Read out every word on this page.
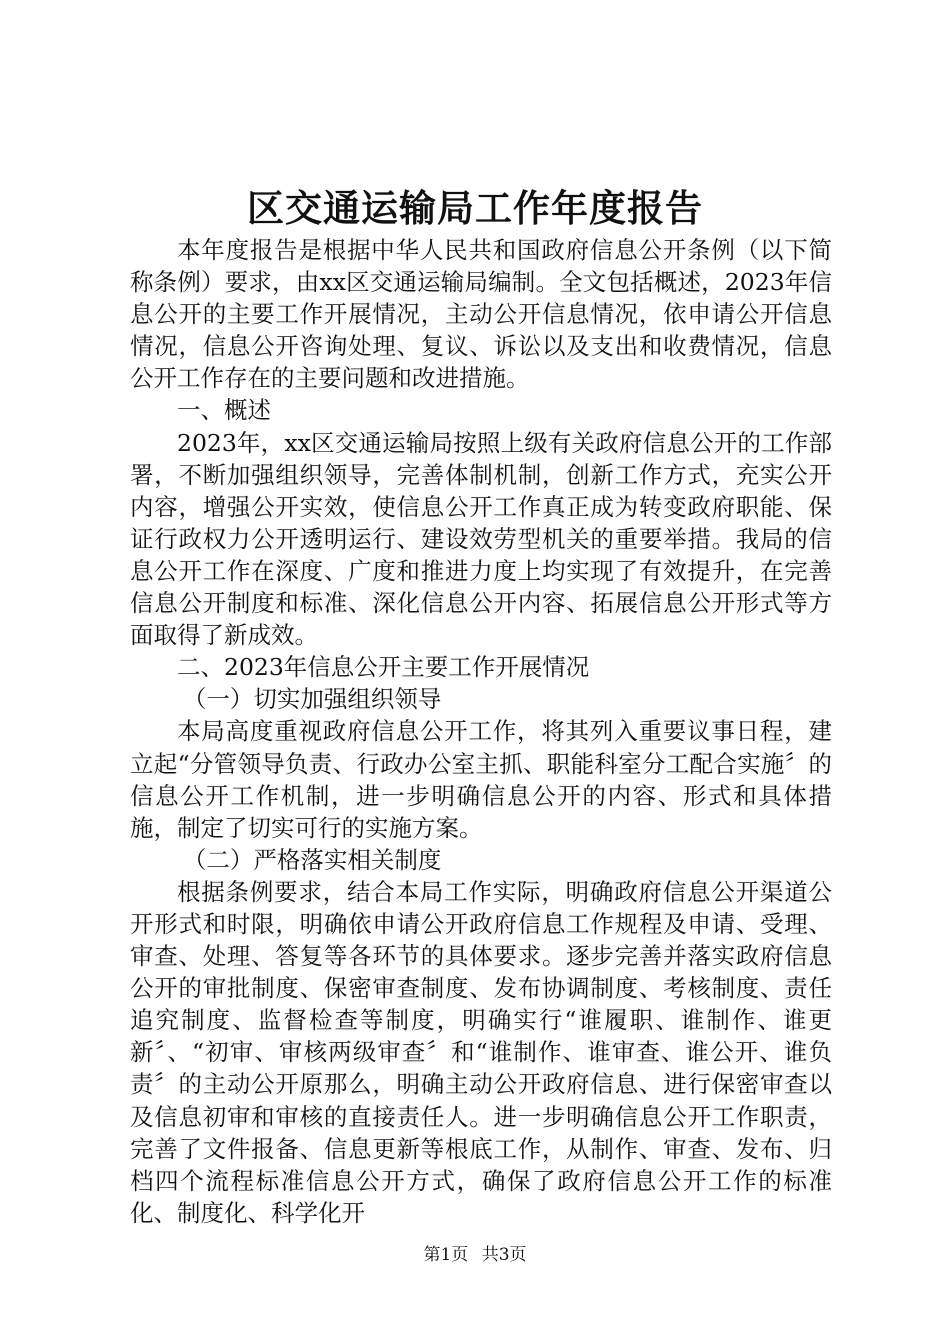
区交通运输局工作年度报告

本年度报告是根据中华人民共和国政府信息公开条例（以下简称条例）要求，由xx区交通运输局编制。全文包括概述，2023年信息公开的主要工作开展情况，主动公开信息情况，依申请公开信息情况，信息公开咨询处理、复议、诉讼以及支出和收费情况，信息公开工作存在的主要问题和改进措施。

一、概述

2023年，xx区交通运输局按照上级有关政府信息公开的工作部署，不断加强组织领导，完善体制机制，创新工作方式，充实公开内容，增强公开实效，使信息公开工作真正成为转变政府职能、保证行政权力公开透明运行、建设效劳型机关的重要举措。我局的信息公开工作在深度、广度和推进力度上均实现了有效提升，在完善信息公开制度和标准、深化信息公开内容、拓展信息公开形式等方面取得了新成效。

二、2023年信息公开主要工作开展情况

（一）切实加强组织领导

本局高度重视政府信息公开工作，将其列入重要议事日程，建立起“分管领导负责、行政办公室主抓、职能科室分工配合实施〞的信息公开工作机制，进一步明确信息公开的内容、形式和具体措施，制定了切实可行的实施方案。

（二）严格落实相关制度

根据条例要求，结合本局工作实际，明确政府信息公开渠道公开形式和时限，明确依申请公开政府信息工作规程及申请、受理、审查、处理、答复等各环节的具体要求。逐步完善并落实政府信息公开的审批制度、保密审查制度、发布协调制度、考核制度、责任追究制度、监督检查等制度，明确实行“谁履职、谁制作、谁更新〞、“初审、审核两级审查〞和“谁制作、谁审查、谁公开、谁负责〞的主动公开原那么，明确主动公开政府信息、进行保密审查以及信息初审和审核的直接责任人。进一步明确信息公开工作职责，完善了文件报备、信息更新等根底工作，从制作、审查、发布、归档四个流程标准信息公开方式，确保了政府信息公开工作的标准化、制度化、科学化开

第1页 共3页
